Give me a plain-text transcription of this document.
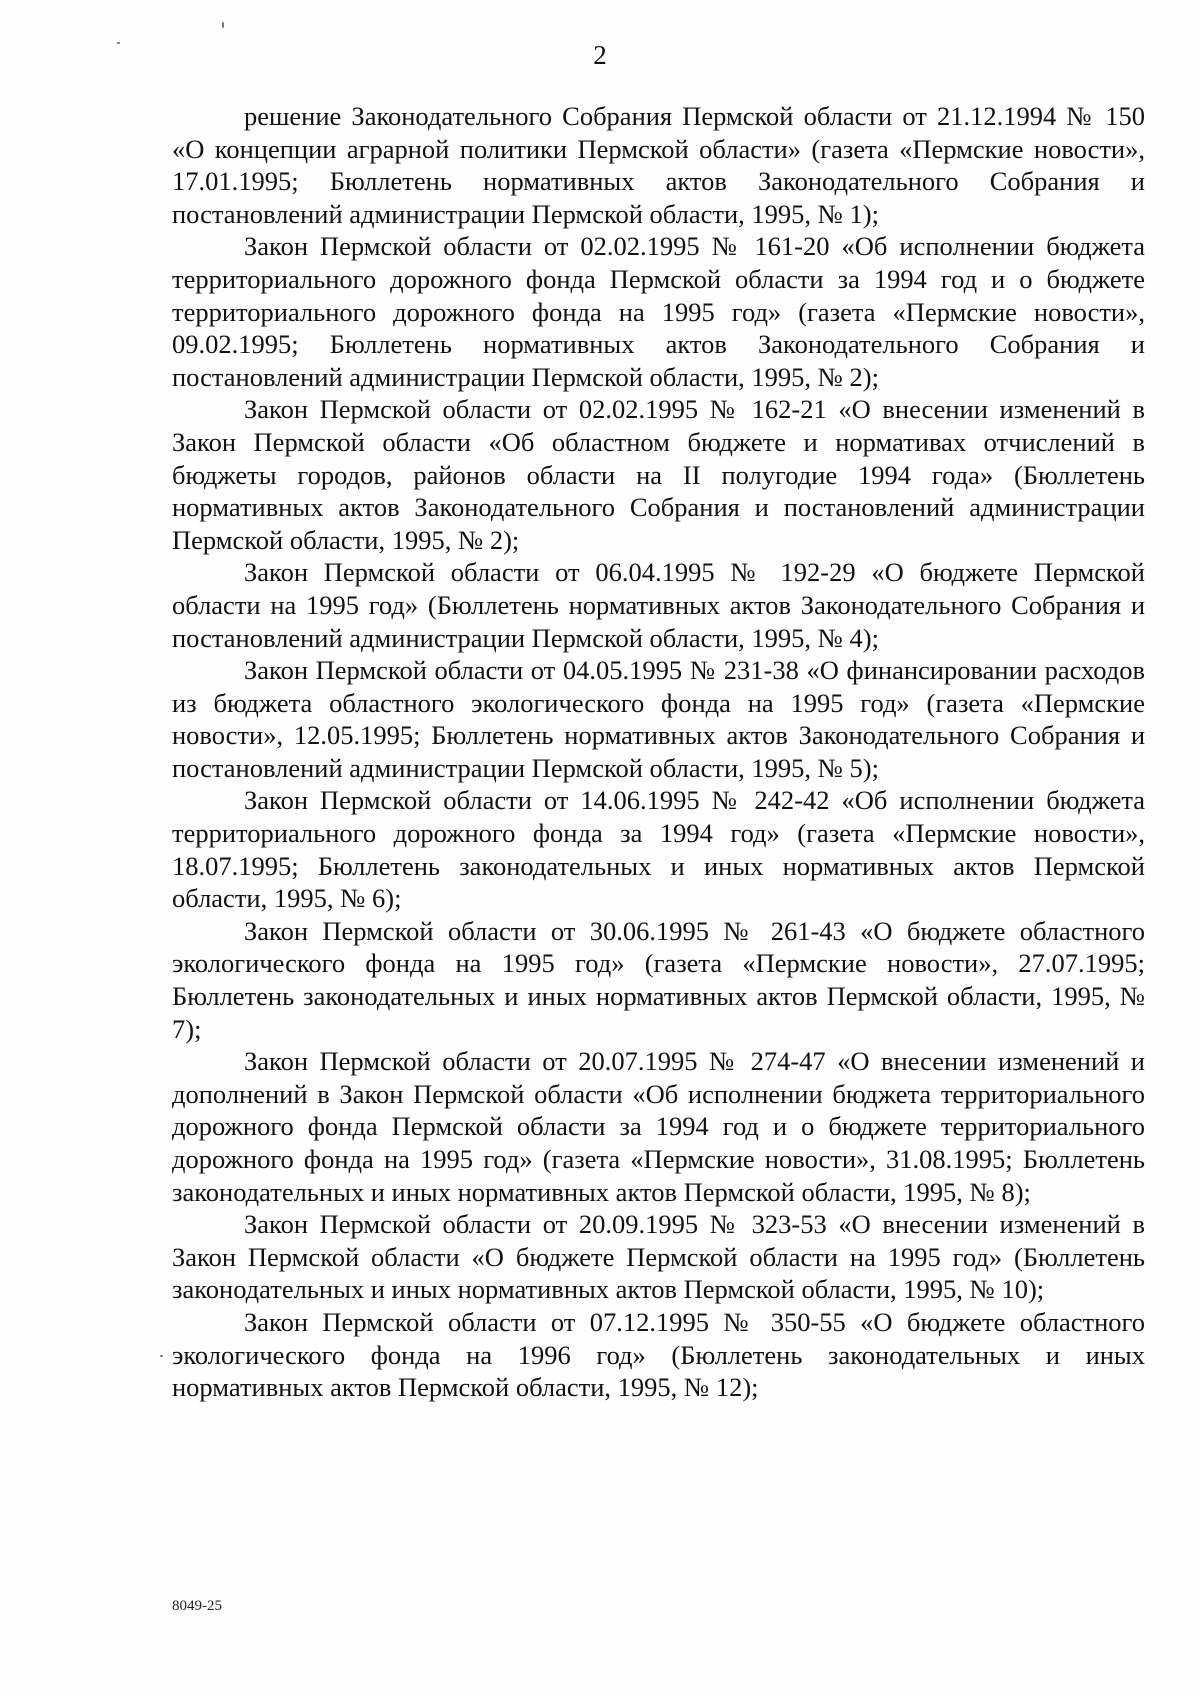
2

решение Законодательного Собрания Пермской области от 21.12.1994 № 150 «О концепции аграрной политики Пермской области» (газета «Пермские новости», 17.01.1995; Бюллетень нормативных актов Законодательного Собрания и постановлений администрации Пермской области, 1995, № 1);

Закон Пермской области от 02.02.1995 № 161-20 «Об исполнении бюджета территориального дорожного фонда Пермской области за 1994 год и о бюджете территориального дорожного фонда на 1995 год» (газета «Пермские новости», 09.02.1995; Бюллетень нормативных актов Законодательного Собрания и постановлений администрации Пермской области, 1995, № 2);

Закон Пермской области от 02.02.1995 № 162-21 «О внесении изменений в Закон Пермской области «Об областном бюджете и нормативах отчислений в бюджеты городов, районов области на II полугодие 1994 года» (Бюллетень нормативных актов Законодательного Собрания и постановлений администрации Пермской области, 1995, № 2);

Закон Пермской области от 06.04.1995 № 192-29 «О бюджете Пермской области на 1995 год» (Бюллетень нормативных актов Законодательного Собрания и постановлений администрации Пермской области, 1995, № 4);

Закон Пермской области от 04.05.1995 № 231-38 «О финансировании расходов из бюджета областного экологического фонда на 1995 год» (газета «Пермские новости», 12.05.1995; Бюллетень нормативных актов Законодательного Собрания и постановлений администрации Пермской области, 1995, № 5);

Закон Пермской области от 14.06.1995 № 242-42 «Об исполнении бюджета территориального дорожного фонда за 1994 год» (газета «Пермские новости», 18.07.1995; Бюллетень законодательных и иных нормативных актов Пермской области, 1995, № 6);

Закон Пермской области от 30.06.1995 № 261-43 «О бюджете областного экологического фонда на 1995 год» (газета «Пермские новости», 27.07.1995; Бюллетень законодательных и иных нормативных актов Пермской области, 1995, № 7);

Закон Пермской области от 20.07.1995 № 274-47 «О внесении изменений и дополнений в Закон Пермской области «Об исполнении бюджета территориального дорожного фонда Пермской области за 1994 год и о бюджете территориального дорожного фонда на 1995 год» (газета «Пермские новости», 31.08.1995; Бюллетень законодательных и иных нормативных актов Пермской области, 1995, № 8);

Закон Пермской области от 20.09.1995 № 323-53 «О внесении изменений в Закон Пермской области «О бюджете Пермской области на 1995 год» (Бюллетень законодательных и иных нормативных актов Пермской области, 1995, № 10);

Закон Пермской области от 07.12.1995 № 350-55 «О бюджете областного экологического фонда на 1996 год» (Бюллетень законодательных и иных нормативных актов Пермской области, 1995, № 12);

8049-25
